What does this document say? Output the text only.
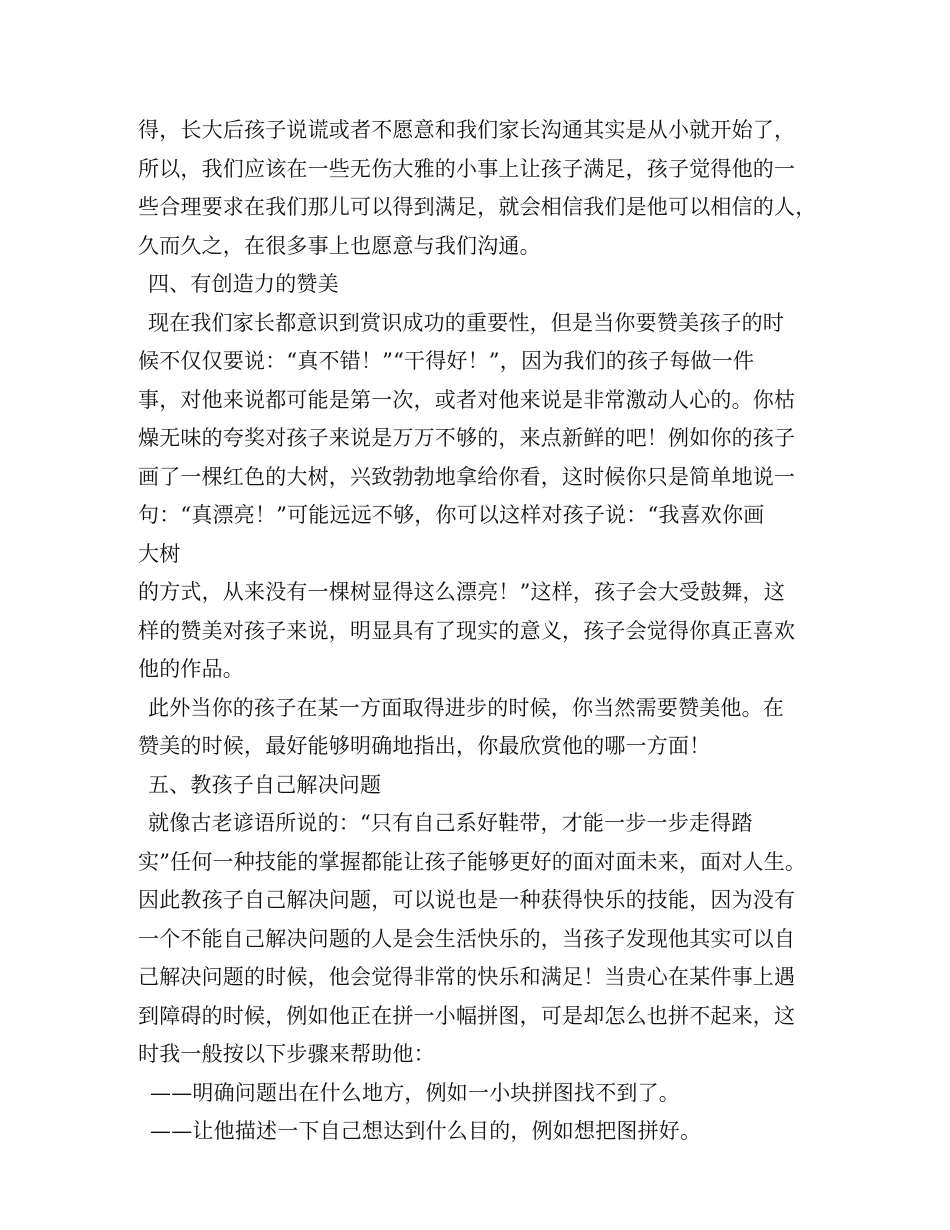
得，长大后孩子说谎或者不愿意和我们家长沟通其实是从小就开始了，
所以，我们应该在一些无伤大雅的小事上让孩子满足，孩子觉得他的一
些合理要求在我们那儿可以得到满足，就会相信我们是他可以相信的人，
久而久之，在很多事上也愿意与我们沟通。
四、有创造力的赞美
现在我们家长都意识到赏识成功的重要性，但是当你要赞美孩子的时
候不仅仅要说：“真不错！”“干得好！”，因为我们的孩子每做一件
事，对他来说都可能是第一次，或者对他来说是非常激动人心的。你枯
燥无味的夸奖对孩子来说是万万不够的，来点新鲜的吧！例如你的孩子
画了一棵红色的大树，兴致勃勃地拿给你看，这时候你只是简单地说一
句：“真漂亮！”可能远远不够，你可以这样对孩子说：“我喜欢你画
大树
的方式，从来没有一棵树显得这么漂亮！”这样，孩子会大受鼓舞，这
样的赞美对孩子来说，明显具有了现实的意义，孩子会觉得你真正喜欢
他的作品。
此外当你的孩子在某一方面取得进步的时候，你当然需要赞美他。在
赞美的时候，最好能够明确地指出，你最欣赏他的哪一方面！
五、教孩子自己解决问题
就像古老谚语所说的：“只有自己系好鞋带，才能一步一步走得踏
实”任何一种技能的掌握都能让孩子能够更好的面对面未来，面对人生。
因此教孩子自己解决问题，可以说也是一种获得快乐的技能，因为没有
一个不能自己解决问题的人是会生活快乐的，当孩子发现他其实可以自
己解决问题的时候，他会觉得非常的快乐和满足！当贵心在某件事上遇
到障碍的时候，例如他正在拼一小幅拼图，可是却怎么也拼不起来，这
时我一般按以下步骤来帮助他：
——明确问题出在什么地方，例如一小块拼图找不到了。
——让他描述一下自己想达到什么目的，例如想把图拼好。
